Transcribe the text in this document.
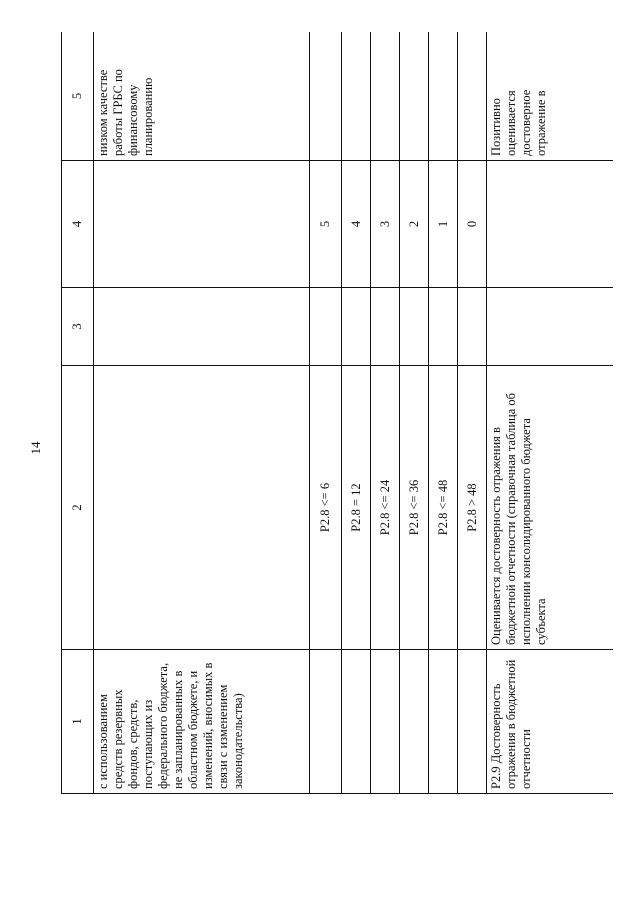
14
1	2	3	4	5
с использованием средств резервных фондов, средств, поступающих из федерального бюджета, не запланированных в областном бюджете, и изменений, вносимых в связи с изменением законодательства)				низком качестве работы ГРБС по финансовому планированию
	P2.8 <= 6		5	
	P2.8 = 12		4	
	P2.8 <= 24		3	
	P2.8 <= 36		2	
	P2.8 <= 48		1	
	P2.8 > 48		0	
P2.9 Достоверность отражения в бюджетной отчетности	Оценивается достоверность отражения в бюджетной отчетности (справочная таблица об исполнении консолидированного бюджета субъекта			Позитивно оценивается достоверное отражение в
